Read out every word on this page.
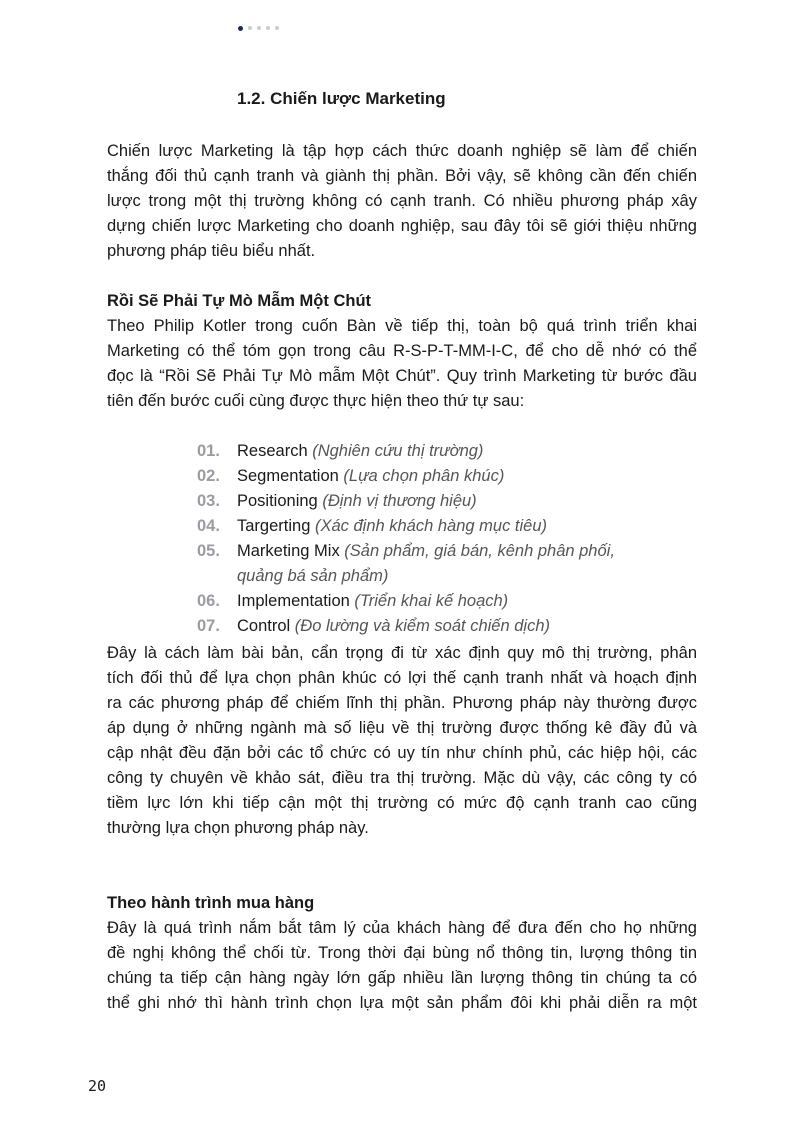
1.2. Chiến lược Marketing
Chiến lược Marketing là tập hợp cách thức doanh nghiệp sẽ làm để chiến
thắng đối thủ cạnh tranh và giành thị phần. Bởi vậy, sẽ không cần đến chiến
lược trong một thị trường không có cạnh tranh. Có nhiều phương pháp xây
dựng chiến lược Marketing cho doanh nghiệp, sau đây tôi sẽ giới thiệu những
phương pháp tiêu biểu nhất.
Rồi Sẽ Phải Tự Mò Mẫm Một Chút
Theo Philip Kotler trong cuốn Bàn về tiếp thị, toàn bộ quá trình triển khai
Marketing có thể tóm gọn trong câu R-S-P-T-MM-I-C, để cho dễ nhớ có thể
đọc là “Rồi Sẽ Phải Tự Mò mẫm Một Chút”. Quy trình Marketing từ bước đầu
tiên đến bước cuối cùng được thực hiện theo thứ tự sau:
01.	Research (Nghiên cứu thị trường)
02.	Segmentation (Lựa chọn phân khúc)
03.	Positioning (Định vị thương hiệu)
04.	Targerting (Xác định khách hàng mục tiêu)
05.	Marketing Mix (Sản phẩm, giá bán, kênh phân phối,
quảng bá sản phẩm)
06.	Implementation (Triển khai kế hoạch)
07.	Control (Đo lường và kiểm soát chiến dịch)
Đây là cách làm bài bản, cẩn trọng đi từ xác định quy mô thị trường, phân
tích đối thủ để lựa chọn phân khúc có lợi thế cạnh tranh nhất và hoạch định
ra các phương pháp để chiếm lĩnh thị phần. Phương pháp này thường được
áp dụng ở những ngành mà số liệu về thị trường được thống kê đầy đủ và
cập nhật đều đặn bởi các tổ chức có uy tín như chính phủ, các hiệp hội, các
công ty chuyên về khảo sát, điều tra thị trường. Mặc dù vậy, các công ty có
tiềm lực lớn khi tiếp cận một thị trường có mức độ cạnh tranh cao cũng
thường lựa chọn phương pháp này.
Theo hành trình mua hàng
Đây là quá trình nắm bắt tâm lý của khách hàng để đưa đến cho họ những
đề nghị không thể chối từ. Trong thời đại bùng nổ thông tin, lượng thông tin
chúng ta tiếp cận hàng ngày lớn gấp nhiều lần lượng thông tin chúng ta có
thể ghi nhớ thì hành trình chọn lựa một sản phẩm đôi khi phải diễn ra một
20
